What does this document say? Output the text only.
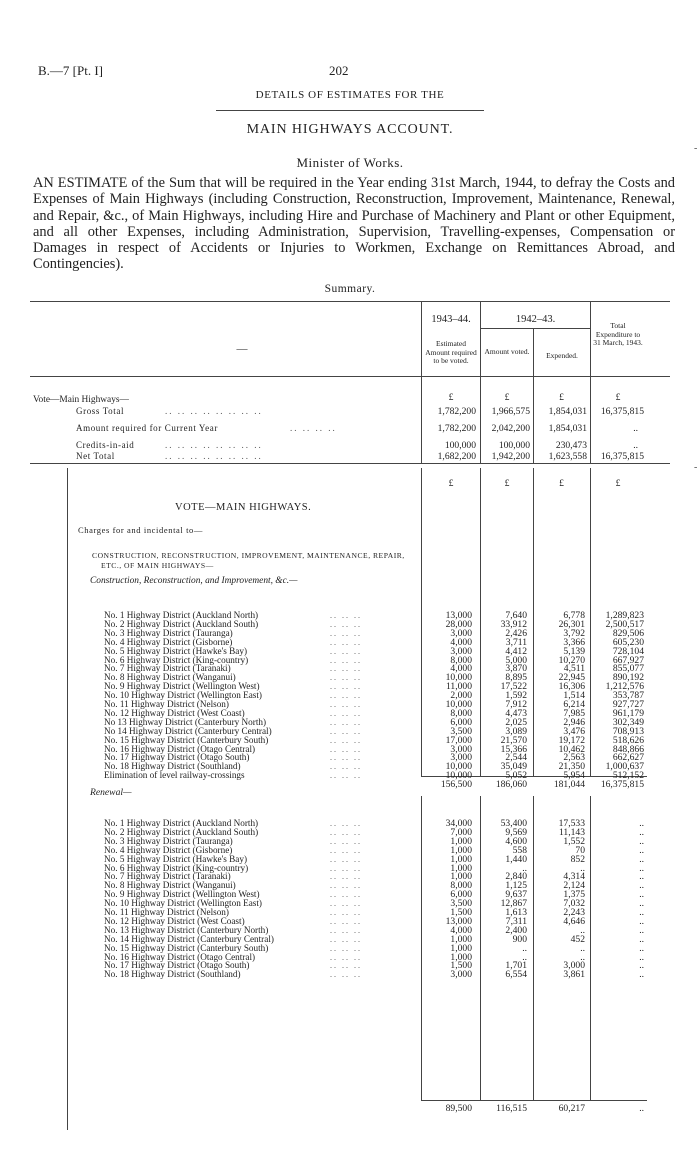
B.—7 [Pt. I]	202
DETAILS OF ESTIMATES FOR THE
MAIN HIGHWAYS ACCOUNT.
Minister of Works.
AN ESTIMATE of the Sum that will be required in the Year ending 31st March, 1944, to defray the Costs and Expenses of Main Highways (including Construction, Reconstruction, Improvement, Maintenance, Renewal, and Repair, &c., of Main Highways, including Hire and Purchase of Machinery and Plant or other Equipment, and all other Expenses, including Administration, Supervision, Travelling-expenses, Compensation or Damages in respect of Accidents or Injuries to Workmen, Exchange on Remittances Abroad, and Contingencies).
Summary.
—
1943–44.	1942–43.
Estimated Amount required to be voted.
Amount voted.	Expended.
Total Expenditure to 31 March, 1943.
£	£	£	£
Vote—Main Highways—
Gross Total	.. .. .. .. .. .. .. ..	1,782,200	1,966,575	1,854,031	16,375,815
Amount required for Current Year	.. .. .. ..	1,782,200	2,042,200	1,854,031	..
Credits-in-aid	.. .. .. .. .. .. .. ..	100,000	100,000	230,473	..
£	£	£	£
VOTE—MAIN HIGHWAYS.
Charges for and incidental to—
CONSTRUCTION, RECONSTRUCTION, IMPROVEMENT, MAINTENANCE, REPAIR,
ETC., OF MAIN HIGHWAYS—
Construction, Reconstruction, and Improvement, &c.—
No. 1 Highway District (Auckland North)	.. .. ..	13,000	7,640	6,778	1,289,823
No. 2 Highway District (Auckland South)	.. .. ..	28,000	33,912	26,301	2,500,517
No. 3 Highway District (Tauranga)	.. .. ..	3,000	2,426	3,792	829,506
No. 4 Highway District (Gisborne)	.. .. ..	4,000	3,711	3,366	605,230
No. 5 Highway District (Hawke's Bay)	.. .. ..	3,000	4,412	5,139	728,104
No. 6 Highway District (King-country)	.. .. ..	8,000	5,000	10,270	667,927
No. 7 Highway District (Taranaki)	.. .. ..	4,000	3,870	4,511	855,077
No. 8 Highway District (Wanganui)	.. .. ..	10,000	8,895	22,945	890,192
No. 9 Highway District (Wellington West)	.. .. ..	11,000	17,522	16,306	1,212,576
No. 10 Highway District (Wellington East)	.. .. ..	2,000	1,592	1,514	353,787
No. 11 Highway District (Nelson)	.. .. ..	10,000	7,912	6,214	927,727
No. 12 Highway District (West Coast)	.. .. ..	8,000	4,473	7,985	961,179
No 13 Highway District (Canterbury North)	.. .. ..	6,000	2,025	2,946	302,349
No 14 Highway District (Canterbury Central)	.. .. ..	3,500	3,089	3,476	708,913
No. 15 Highway District (Canterbury South)	.. .. ..	17,000	21,570	19,172	518,626
No. 16 Highway District (Otago Central)	.. .. ..	3,000	15,366	10,462	848,866
No. 17 Highway District (Otago South)	.. .. ..	3,000	2,544	2,563	662,627
No. 18 Highway District (Southland)	.. .. ..	10,000	35,049	21,350	1,000,637
Elimination of level railway-crossings	.. .. ..	10,000	5,052	5,954	512,152
156,500	186,060	181,044	16,375,815
Renewal—
No. 1 Highway District (Auckland North)	.. .. ..	34,000	53,400	17,533	..
No. 2 Highway District (Auckland South)	.. .. ..	7,000	9,569	11,143	..
No. 3 Highway District (Tauranga)	.. .. ..	1,000	4,600	1,552	..
No. 4 Highway District (Gisborne)	.. .. ..	1,000	558	70	..
No. 5 Highway District (Hawke's Bay)	.. .. ..	1,000	1,440	852	..
No. 6 Highway District (King-country)	.. .. ..	1,000	..	..	..
No. 7 Highway District (Taranaki)	.. .. ..	1,000	2,840	4,314	..
No. 8 Highway District (Wanganui)	.. .. ..	8,000	1,125	2,124	..
No. 9 Highway District (Wellington West)	.. .. ..	6,000	9,637	1,375	..
No. 10 Highway District (Wellington East)	.. .. ..	3,500	12,867	7,032	..
No. 11 Highway District (Nelson)	.. .. ..	1,500	1,613	2,243	..
No. 12 Highway District (West Coast)	.. .. ..	13,000	7,311	4,646	..
No. 13 Highway District (Canterbury North)	.. .. ..	4,000	2,400	..	..
No. 14 Highway District (Canterbury Central)	.. .. ..	1,000	900	452	..
No. 15 Highway District (Canterbury South)	.. .. ..	1,000	..	..	..
No. 16 Highway District (Otago Central)	.. .. ..	1,000	..	..	..
No. 17 Highway District (Otago South)	.. .. ..	1,500	1,701	3,000	..
No. 18 Highway District (Southland)	.. .. ..	3,000	6,554	3,861	..
89,500	116,515	60,217	..
-
-
Net Total	.. .. .. .. .. .. .. ..	1,682,200	1,942,200	1,623,558	16,375,815
